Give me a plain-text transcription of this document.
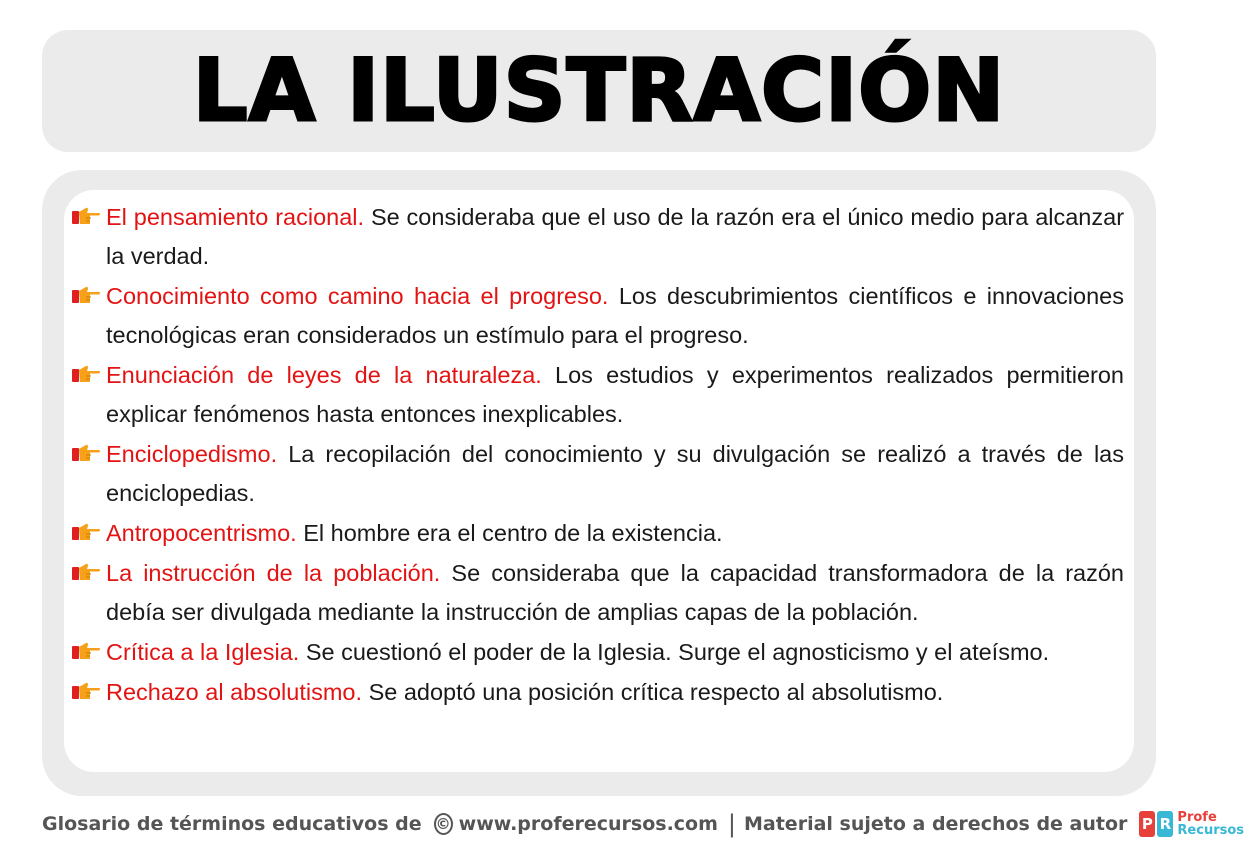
LA ILUSTRACIÓN
El pensamiento racional. Se consideraba que el uso de la razón era el único medio para alcanzar la verdad.
Conocimiento como camino hacia el progreso. Los descubrimientos científicos e innovaciones tecnológicas eran considerados un estímulo para el progreso.
Enunciación de leyes de la naturaleza. Los estudios y experimentos realizados permitieron explicar fenómenos hasta entonces inexplicables.
Enciclopedismo. La recopilación del conocimiento y su divulgación se realizó a través de las enciclopedias.
Antropocentrismo. El hombre era el centro de la existencia.
La instrucción de la población. Se consideraba que la capacidad transformadora de la razón debía ser divulgada mediante la instrucción de amplias capas de la población.
Crítica a la Iglesia. Se cuestionó el poder de la Iglesia. Surge el agnosticismo y el ateísmo.
Rechazo al absolutismo. Se adoptó una posición crítica respecto al absolutismo.
Glosario de términos educativos de © www.proferecursos.com | Material sujeto a derechos de autor P R Profe
Recursos
